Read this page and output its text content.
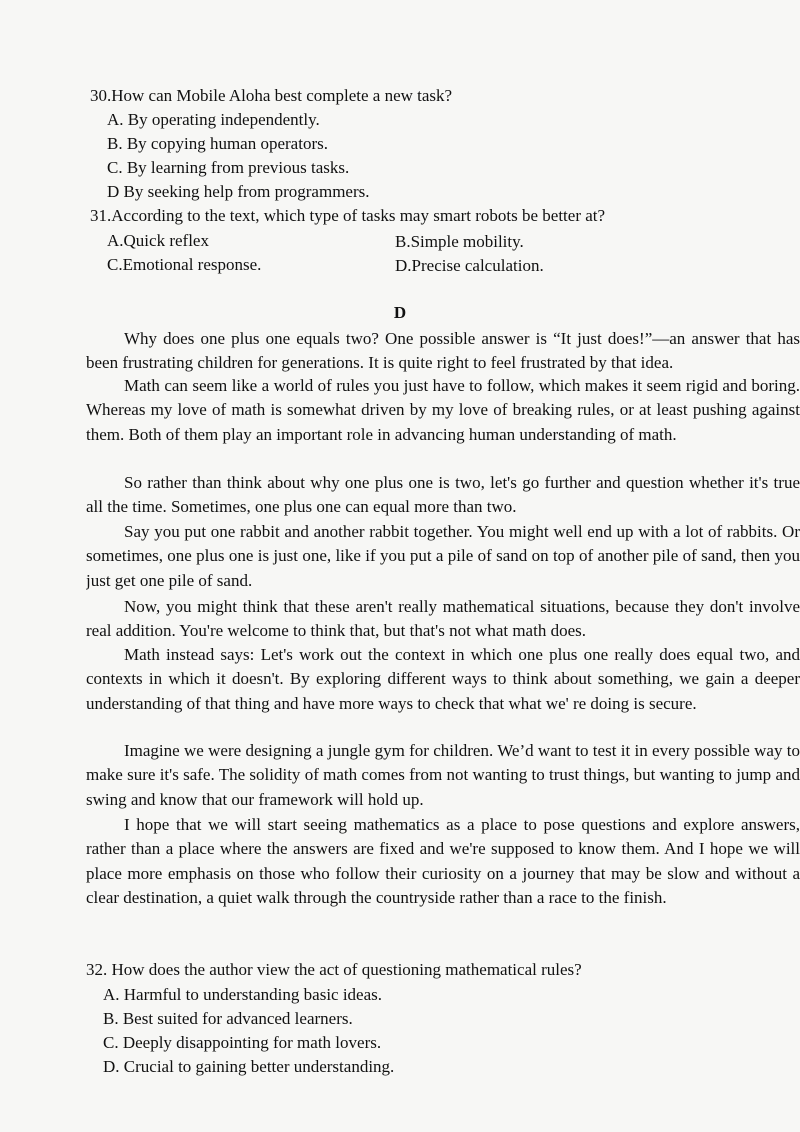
30.How can Mobile Aloha best complete a new task?
A. By operating independently.
B. By copying human operators.
C. By learning from previous tasks.
D By seeking help from programmers.
31.According to the text, which type of tasks may smart robots be better at?
A.Quick reflex	B.Simple mobility.
C.Emotional response.	D.Precise calculation.
D
Why does one plus one equals two? One possible answer is “It just does!”—an answer that has been frustrating children for generations. It is quite right to feel frustrated by that idea.
Math can seem like a world of rules you just have to follow, which makes it seem rigid and boring. Whereas my love of math is somewhat driven by my love of breaking rules, or at least pushing against them. Both of them play an important role in advancing human understanding of math.
So rather than think about why one plus one is two, let's go further and question whether it's true all the time. Sometimes, one plus one can equal more than two.
Say you put one rabbit and another rabbit together. You might well end up with a lot of rabbits. Or sometimes, one plus one is just one, like if you put a pile of sand on top of another pile of sand, then you just get one pile of sand.
Now, you might think that these aren't really mathematical situations, because they don't involve real addition. You're welcome to think that, but that's not what math does.
Math instead says: Let's work out the context in which one plus one really does equal two, and contexts in which it doesn't. By exploring different ways to think about something, we gain a deeper understanding of that thing and have more ways to check that what we' re doing is secure.
Imagine we were designing a jungle gym for children. We’d want to test it in every possible way to make sure it's safe. The solidity of math comes from not wanting to trust things, but wanting to jump and swing and know that our framework will hold up.
I hope that we will start seeing mathematics as a place to pose questions and explore answers, rather than a place where the answers are fixed and we're supposed to know them. And I hope we will place more emphasis on those who follow their curiosity on a journey that may be slow and without a clear destination, a quiet walk through the countryside rather than a race to the finish.
32. How does the author view the act of questioning mathematical rules?
A. Harmful to understanding basic ideas.
B. Best suited for advanced learners.
C. Deeply disappointing for math lovers.
D. Crucial to gaining better understanding.
